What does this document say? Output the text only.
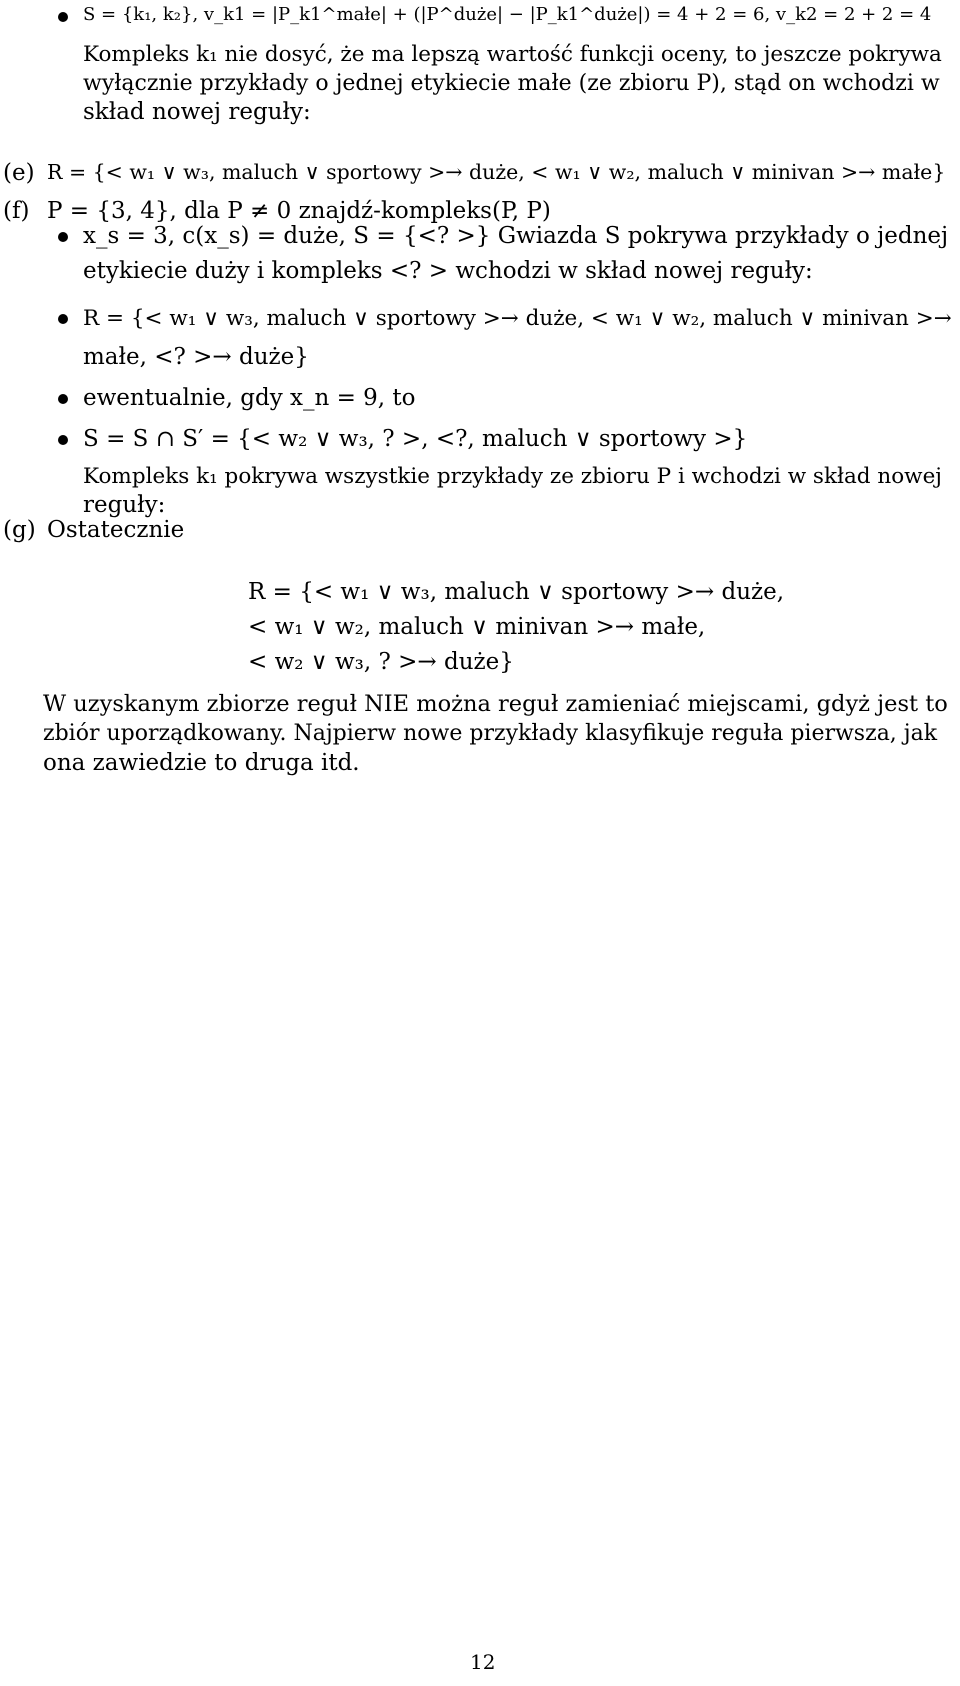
(e)
(f)
(g)
S = {k₁, k₂}, v_k1 = |P_k1^małe| + (|P^duże| − |P_k1^duże|) = 4 + 2 = 6, v_k2 = 2 + 2 = 4
Kompleks k₁ nie dosyć, że ma lepszą wartość funkcji oceny, to jeszcze pokrywa
wyłącznie przykłady o jednej etykiecie małe (ze zbioru P), stąd on wchodzi w
skład nowej reguły:
R = {< w₁ ∨ w₃, maluch ∨ sportowy >→ duże, < w₁ ∨ w₂, maluch ∨ minivan >→ małe}
P = {3, 4}, dla P ≠ 0 znajdź-kompleks(P, P)
x_s = 3, c(x_s) = duże, S = {<? >} Gwiazda S pokrywa przykłady o jednej
etykiecie duży i kompleks <? > wchodzi w skład nowej reguły:
R = {< w₁ ∨ w₃, maluch ∨ sportowy >→ duże, < w₁ ∨ w₂, maluch ∨ minivan >→
małe, <? >→ duże}
ewentualnie, gdy x_n = 9, to
S = S ∩ S′ = {< w₂ ∨ w₃, ? >, <?, maluch ∨ sportowy >}
Kompleks k₁ pokrywa wszystkie przykłady ze zbioru P i wchodzi w skład nowej
reguły:
Ostatecznie
R = {< w₁ ∨ w₃, maluch ∨ sportowy >→ duże,
< w₁ ∨ w₂, maluch ∨ minivan >→ małe,
< w₂ ∨ w₃, ? >→ duże}
W uzyskanym zbiorze reguł NIE można reguł zamieniać miejscami, gdyż jest to
zbiór uporządkowany. Najpierw nowe przykłady klasyfikuje reguła pierwsza, jak
ona zawiedzie to druga itd.
12
